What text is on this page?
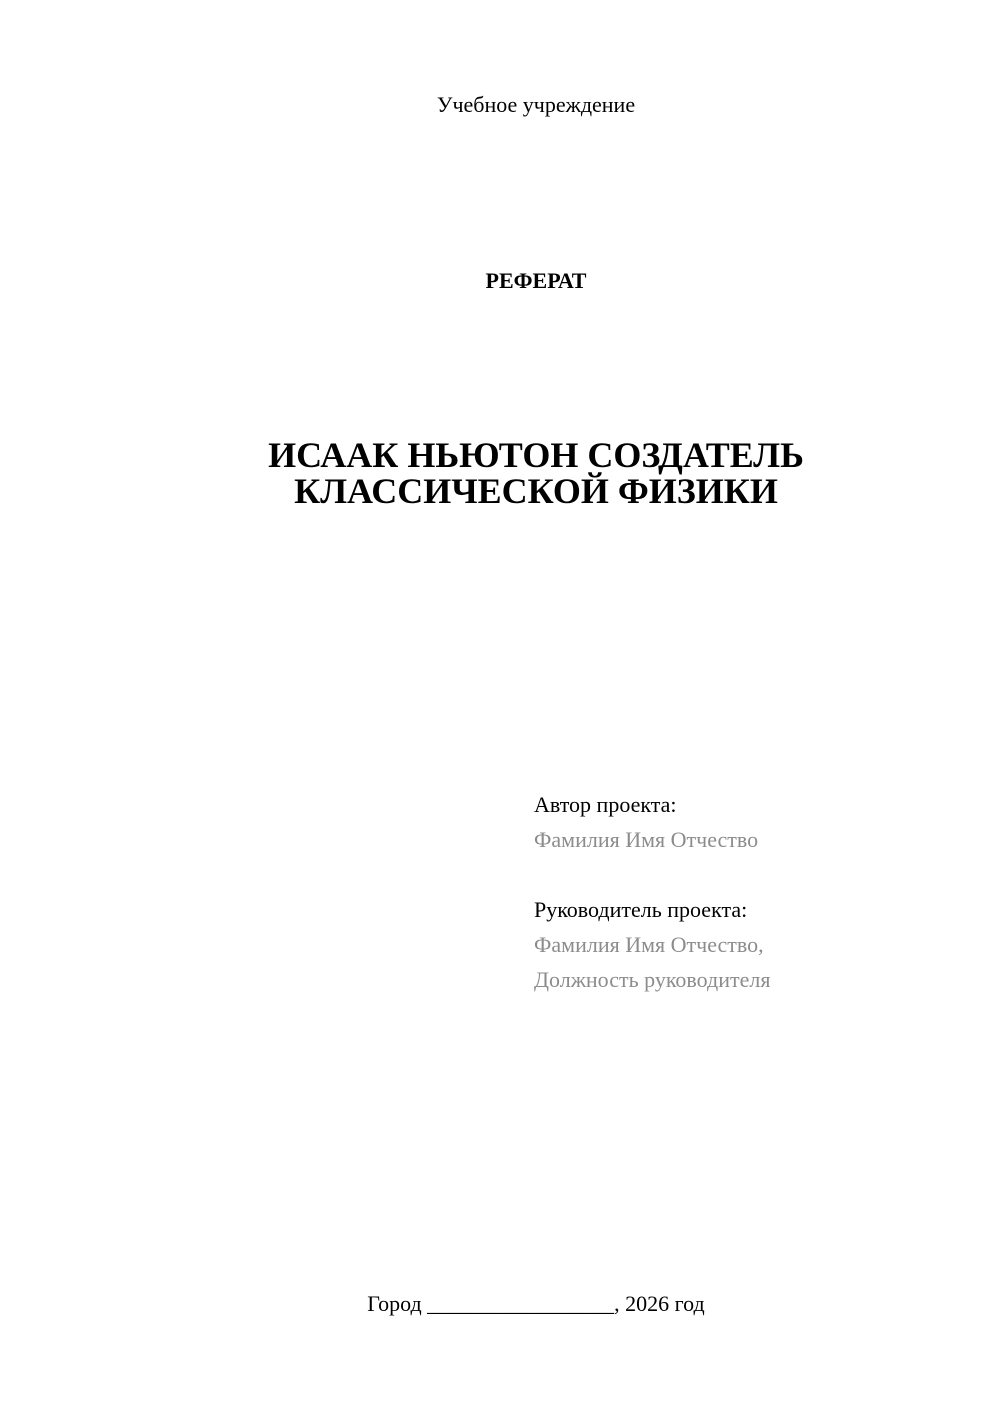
Учебное учреждение
РЕФЕРАТ
ИСААК НЬЮТОН СОЗДАТЕЛЬ
КЛАССИЧЕСКОЙ ФИЗИКИ
Автор проекта:
Фамилия Имя Отчество
Руководитель проекта:
Фамилия Имя Отчество,
Должность руководителя
Город _________________, 2026 год
